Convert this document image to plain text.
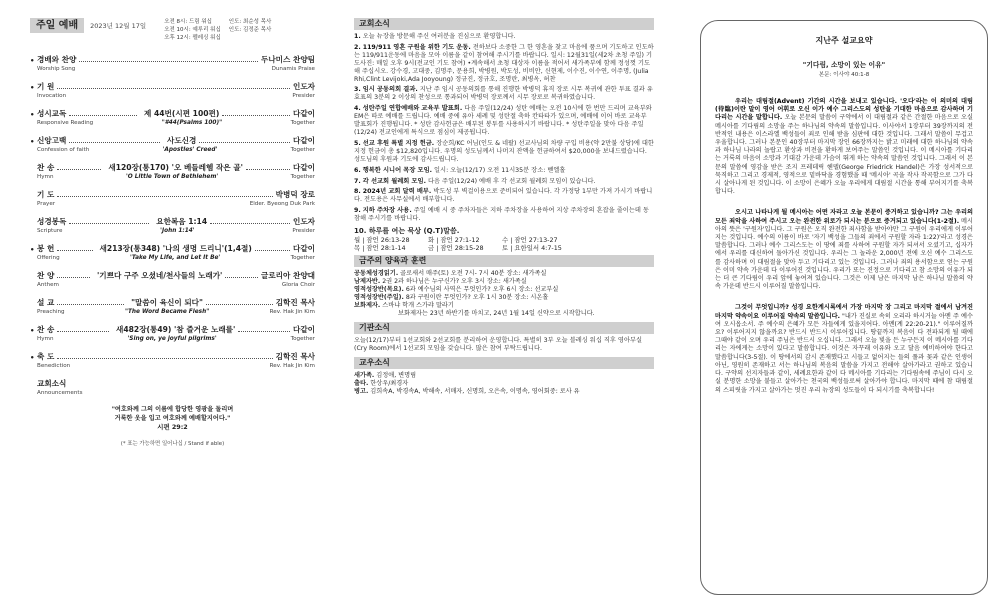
주일 예배	2023년 12월 17일	오전 8시: 드림 워십	인도: 최순성 목사
오전 10시: 예루리 워십 인도: 김정준 목사
오후 12시: 펠레싱 워십
• 경배와 찬양	두나미스 찬양팀
Worship Song	Dunamis Praise
• 기 원	인도자
Invocation	Presider
• 성시교독	제 44번(시편 100편)	다같이
Responsive Reading	"#44(Psalms 100)"	Together
• 신앙고백	사도신경	다같이
Confession of faith	'Apostles' Creed'	Together
찬 송	새120장(통170) '오 베들레헴 작은 골'	다같이
Hymn	'O Little Town of Bethlehem'	Together
기 도	박병덕 장로
Prayer	Elder. Byeong Duk Park
성경봉독	요한복음 1:14	인도자
Scripture	'John 1:14'	Presider
• 봉 헌	새213장(통348) '나의 생명 드리니'(1,4절)	다같이
Offering	'Take My Life, and Let It Be'	Together
찬 양	'기쁘다 구주 오셨네/천사들의 노래가'	글로리아 찬양대
Anthem	Gloria Choir
설 교	"말씀이 육신이 되다"	김학진 목사
Preaching	"The Word Became Flesh"	Rev. Hak Jin Kim
• 찬 송	새482장(통49) '참 즐거운 노래를'	다같이
Hymn	'Sing on, ye joyful pilgrims'	Together
• 축 도	김학진 목사
Benediction	Rev. Hak Jin Kim
교회소식
Announcements
"여호와께 그의 이름에 합당한 영광을 돌리며
거룩한 옷을 입고 여호와께 예배할지어다."
시편 29:2
(* 표는 가능하면 일어나십 / Stand if able)
교회소식
1. 오늘 뉴장을 방문해 주신 여러분을 진심으로 환영합니다.
2. 119/911 영혼 구원을 위한 기도 운동. 전하보다 소중한 그 한 영혼을 찾고 마음에 품으며 기도하고 인도하는 119/911운동에 마음을 모아 이름을 같이 참여해 주시기를 바랍니다. 일시: 12월31일(세2차 초청 주일) 기도사진: 매일 오후 9시(전교인 기도 참여) •계속해서 초청 대상자 이름을 적어서 새가족부에 함께 정성껏 기도해 주십시오. 강수경, 고대중, 김명주, 문용희, 박병원, 박도성, 비비안, 신현제, 이수진, 이수연, 이주명, (Julia Rhi,Clint Levijoki,Ada Jooyoung) 정규진, 정규호, 조명란, 최병옥, 허찬
3. 임시 공동의회 결과. 지난 주 임시 공동의회를 통해 진행한 박병덕 휴직 장로 시무 복귀에 관한 투표 결과 유효표의 3분의 2 이상의 찬성으로 통과되어 박병덕 장로께서 시무 장로로 복귀하였습니다.
4. 성탄주일 연합예배와 교육부 발표회. 다음 주일(12/24) 성탄 예배는 오전 10시에 한 번만 드리며 교육부와 EM은 따로 예배를 드립니다. 예배 중에 유아 세례 및 성탄절 축하 칸타타가 있으며, 예배에 이어 바로 교육부 발표회가 진행됩니다. * 성탄 감사헌금은 배부된 봉투를 사용하시기 바랍니다. * 성탄주일을 맞아 다음 주일(12/24) 전교인에게 특식으로 점심이 제공됩니다.
5. 선교 후원 특별 지정 헌금. 장순희/KC 어님(인도 & 네팔) 선교사님의 차량 구입 비용(약 2만불 상당)에 대한 지정 헌금이 총 $12,820입니다. 우명의 성도님께서 나머지 잔액을 헌금하여서 $20,000을 보내드렸습니다. 성도님의 후원과 기도에 감사드립니다.
6. 행복한 시니어 목장 모임. 일시: 오늘(12/17) 오전 11시35분 장소: 벧엘홀
7. 각 선교회 월례회 모임. 다음 주일(12/24) 예배 후 각 선교회 월례회 모임이 있습니다.
8. 2024년 교회 달력 배부. 박도성 부 벽걸이용으로 준비되어 있습니다. 각 가정당 1부만 가져 가시기 바랍니다. 전도용은 사무실에서 배부합니다.
9. 지하 주차장 사용. 주일 예배 시 중 주차자들은 지하 주차장을 사용하여 지상 주차장의 혼잡을 줄이는데 동참해 주시기를 바랍니다.
10. 하루를 여는 묵상 (Q.T)말씀.
월 | 잠언 26:13-28	화 | 잠언 27:1-12	수 | 잠언 27:13-27
목 | 잠언 28:1-14	금 | 잠언 28:15-28	토 | 요한일서 4:7-15
금주의 양육과 훈련
공동체성경읽기. 골로새서 매주(토) 오전 7시- 7시 40분 장소: 새가족실
남제자반. 2권 2과 하나님은 누구신가? 오후 3시 장소: 새가족실
영적성장반(목요). 6과 예수님의 사역은 무엇인가? 오후 6시 장소: 선교부실
영적성장반(주일). 8과 구원이란 무엇인가? 오후 1시 30분 장소: 시온홀
보화제자. 스바냐 학개 스가랴 말라기
보화제자는 23년 하반기를 마치고, 24년 1월 14일 신약으로 시작합니다.
기관소식
오늘(12/17)부터 1선교회와 2선교회를 분리하여 운영합니다. 특별히 3부 오늘 블레싱 워십 직후 영아부실(Cry Room)에서 1선교회 모임을 갖습니다. 많은 참여 부탁드립니다.
교우소식
새가족. 김정애, 변명림
출타. 한상우/최경자
병고. 김희속A, 박경속A, 박해속, 서매자, 신명희, 오은속, 이명속, 영어회중: 로사 유
지난주 설교요약
"기다림, 소망이 있는 이유"
본문: 이사야 40:1-8

우리는 대림절(Advent) 기간의 시간을 보내고 있습니다. '오다'라는 이 의미의 대림(待臨)이란 말이 영어 어휘로 오신 이가 예수 그리스도의 성탄을 기대한 마음으로 감사하며 기다리는 시간을 말합니다. 오늘 본문의 말씀이 구약에서 이 대림절과 같은 간절한 마음으로 오실 메시아를 기다림의 소망을 주는 하나님의 약속의 말씀입니다. 이사야서 1장부터 39장까지의 전반적인 내용은 이스라엘 백성들이 죄로 인해 받을 심판에 대한 것입니다. 그래서 말씀이 무겁고 우울합니다. 그러나 본문인 40장부터 마지막 장인 66장까지는 밝고 미래에 대한 하나님의 약속과 하나님 나라의 놀랍고 환상과 비전을 환하게 보여주는 말씀인 것입니다. 이 메시아를 기다리는 거룩의 마음이 소망과 기대감 가운데 가슴이 뛰게 하는 약속의 말씀인 것입니다. 그래서 이 본문의 말씀에 영감을 받은 조지 프레데릭 헨델(George Friedrick Handel)은 가장 성서적으로 묵직하고 그리고 경제적, 영적으로 밑바닥을 경험했을 때 '메시아' 곡을 작사 작곡함으로 그가 다시 살아나게 된 것입니다. 이 소망이 은혜가 오늘 우리에게 대림절 시간을 통해 부어지기를 축복합니다.

오시고 나타나게 될 메시아는 어떤 자라고 오늘 본문이 증거하고 있습니까? 그는 우리의 모든 죄악을 사하여 주시고 오는 완전한 위로가 되시는 분으로 증거되고 있습니다(1-2절). 메시아의 뜻은 '구원자'입니다. 그 구원은 오직 완전한 죄사함을 받아야만 그 구원이 우리에게 이루어지는 것입니다. 예수의 이름이 바로 '자기 백성을 그들의 죄에서 구원할 자라 1:22)'라고 성경은 말씀합니다. 그러나 예수 그리스도는 이 땅에 죄를 사하여 구원할 자가 되셔서 오셨기고, 십자가에서 우리를 대신하여 돌아가신 것입니다. 우리는 그 놀라운 2,000년 전에 오신 예수 그리스도를 감사하며 이 대림절을 맞아 두고 기다리고 있는 것입니다. 그러나 죄의 용서함으로 얻는 구원은 이미 약속 가운데 다 이루어진 것입니다. 우리가 또는 진정으로 기다리고 참 소망의 이유가 되는 더 큰 기다림이 우리 앞에 놓여져 있습니다. 그것은 이제 남은 마지막 남은 하나님 말씀의 약속 가운데 반드시 이루어질 말씀입니다.

그것이 무엇입니까? 성경 요한계시록에서 가장 마지막 장 그리고 마지막 절에서 남겨진 마지막 약속이요 이루어질 약속의 말씀입니다. "내가 진실로 속히 오리라 하시거늘 아멘 주 예수여 오시옵소서. 주 예수의 은혜가 모든 자들에게 있을지어다. 아멘(계 22:20-21)." 이루어질까요? 이루어지지 않을까요? 반드시 반드시 이루어집니다. 땅끝까지 복음이 다 전파되게 될 때에 그때야 같이 오며 우리 주님은 반드시 오십니다. 그래서 오늘 빛을 든 누구든지 이 메시아를 기다리는 자에게는 소망이 있다고 말씀합니다. 이것은 자꾸래 이유와 오고 달음 예비하여야 한다고 말씀합니다(3-5절). 이 땅에서의 감시 존재했다고 시들고 없어지는 들의 풀과 꽃과 같은 인생이 아닌, 영원히 존재하고 서는 하나님의 복음의 말씀을 가지고 전해야 살아가라고 권하고 있습니다. 구약의 선지자들과 같이, 세례요한과 같이 다 메시아를 기다리는 기다림속에 주님이 다시 오실 분명한 소망을 붙들고 살아가는 천국의 백성들로써 살아가야 합니다. 마지막 때에 참 대림절의 스피릿을 가지고 살아가는 멋진 우리 뉴장의 성도들이 다 되시기를 축복합니다!
